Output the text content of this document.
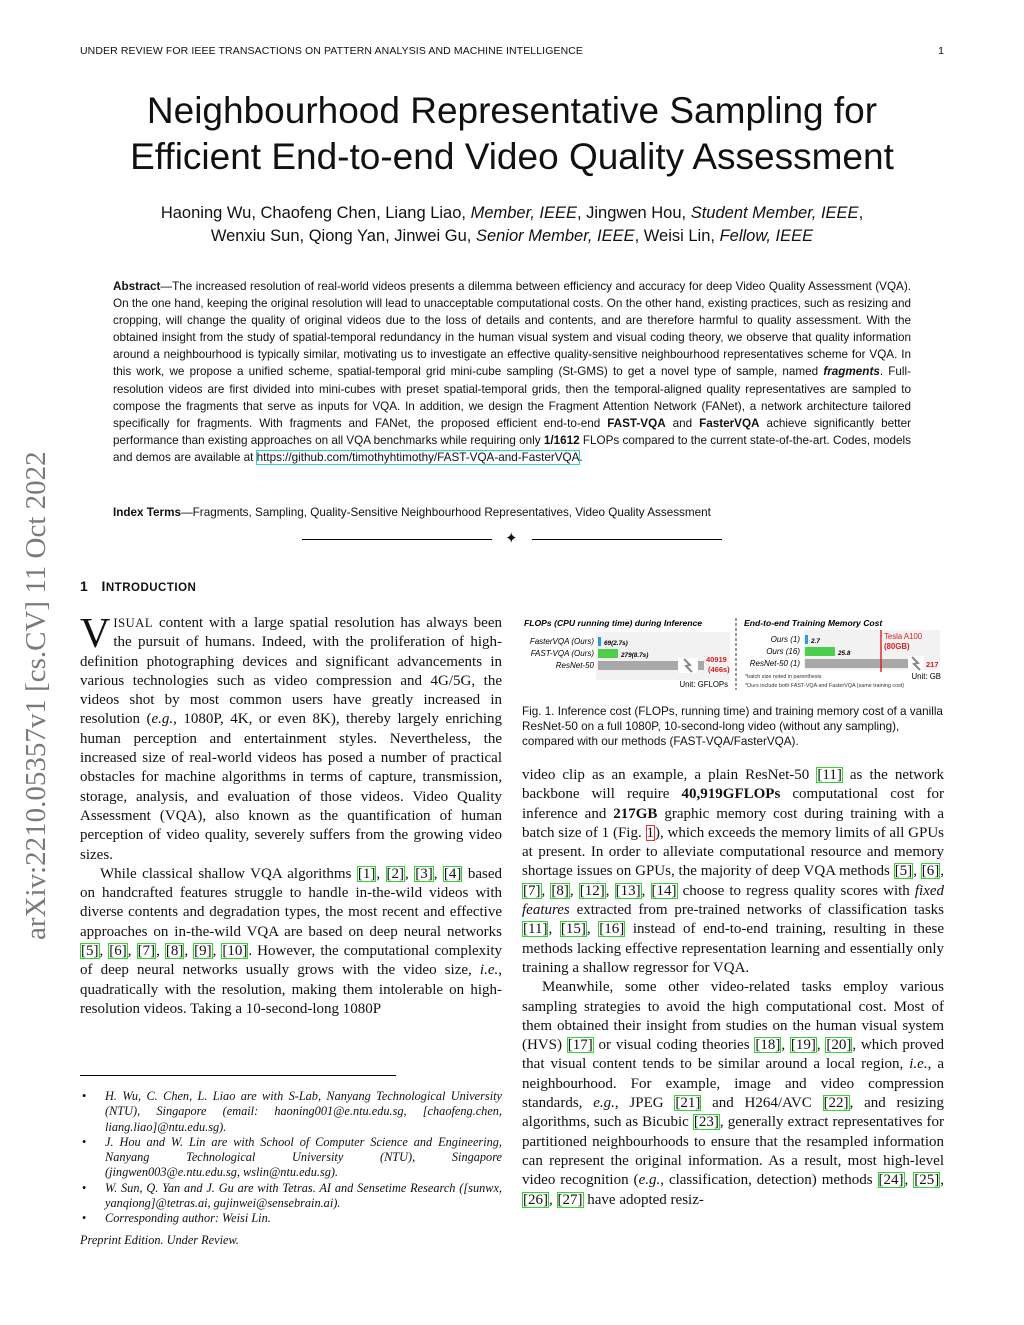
UNDER REVIEW FOR IEEE TRANSACTIONS ON PATTERN ANALYSIS AND MACHINE INTELLIGENCE	1
arXiv:2210.05357v1 [cs.CV] 11 Oct 2022
Neighbourhood Representative Sampling for
Efficient End-to-end Video Quality Assessment
Haoning Wu, Chaofeng Chen, Liang Liao, Member, IEEE, Jingwen Hou, Student Member, IEEE,
Wenxiu Sun, Qiong Yan, Jinwei Gu, Senior Member, IEEE, Weisi Lin, Fellow, IEEE
Abstract—The increased resolution of real-world videos presents a dilemma between efficiency and accuracy for deep Video Quality Assessment (VQA). On the one hand, keeping the original resolution will lead to unacceptable computational costs. On the other hand, existing practices, such as resizing and cropping, will change the quality of original videos due to the loss of details and contents, and are therefore harmful to quality assessment. With the obtained insight from the study of spatial-temporal redundancy in the human visual system and visual coding theory, we observe that quality information around a neighbourhood is typically similar, motivating us to investigate an effective quality-sensitive neighbourhood representatives scheme for VQA. In this work, we propose a unified scheme, spatial-temporal grid mini-cube sampling (St-GMS) to get a novel type of sample, named fragments. Full-resolution videos are first divided into mini-cubes with preset spatial-temporal grids, then the temporal-aligned quality representatives are sampled to compose the fragments that serve as inputs for VQA. In addition, we design the Fragment Attention Network (FANet), a network architecture tailored specifically for fragments. With fragments and FANet, the proposed efficient end-to-end FAST-VQA and FasterVQA achieve significantly better performance than existing approaches on all VQA benchmarks while requiring only 1/1612 FLOPs compared to the current state-of-the-art. Codes, models and demos are available at https://github.com/timothyhtimothy/FAST-VQA-and-FasterVQA.
Index Terms—Fragments, Sampling, Quality-Sensitive Neighbourhood Representatives, Video Quality Assessment
✦
1 INTRODUCTION

VISUAL content with a large spatial resolution has always been the pursuit of humans. Indeed, with the proliferation of high-definition photographing devices and significant advancements in various technologies such as video compression and 4G/5G, the videos shot by most common users have greatly increased in resolution (e.g., 1080P, 4K, or even 8K), thereby largely enriching human perception and entertainment styles. Nevertheless, the increased size of real-world videos has posed a number of practical obstacles for machine algorithms in terms of capture, transmission, storage, analysis, and evaluation of those videos. Video Quality Assessment (VQA), also known as the quantification of human perception of video quality, severely suffers from the growing video sizes.

While classical shallow VQA algorithms [1], [2], [3], [4] based on handcrafted features struggle to handle in-the-wild videos with diverse contents and degradation types, the most recent and effective approaches on in-the-wild VQA are based on deep neural networks [5], [6], [7], [8], [9], [10]. However, the computational complexity of deep neural networks usually grows with the video size, i.e., quadratically with the resolution, making them intolerable on high-resolution videos. Taking a 10-second-long 1080P

• H. Wu, C. Chen, L. Liao are with S-Lab, Nanyang Technological University (NTU), Singapore (email: haoning001@e.ntu.edu.sg, [chaofeng.chen, liang.liao]@ntu.edu.sg).
• J. Hou and W. Lin are with School of Computer Science and Engineering, Nanyang Technological University (NTU), Singapore (jingwen003@e.ntu.edu.sg, wslin@ntu.edu.sg).
• W. Sun, Q. Yan and J. Gu are with Tetras. AI and Sensetime Research ([sunwx, yanqiong]@tetras.ai, gujinwei@sensebrain.ai).
• Corresponding author: Weisi Lin.
Preprint Edition. Under Review.
FLOPs (CPU running time) during Inference	End-to-end Training Memory Cost
FasterVQA (Ours)
FAST-VQA (Ours)
ResNet-50
69(2.7s)
279(8.7s)	40919
(466s)
Unit: GFLOPs
Ours (1)
Ours (16)
ResNet-50 (1)
2.7
25.8
217
Tesla A100
(80GB)
*batch size noted in parenthesis
*Ours include both FAST-VQA and FasterVQA (same training cost)
Unit: GB
Fig. 1. Inference cost (FLOPs, running time) and training memory cost of a vanilla ResNet-50 on a full 1080P, 10-second-long video (without any sampling), compared with our methods (FAST-VQA/FasterVQA).

video clip as an example, a plain ResNet-50 [11] as the network backbone will require 40,919GFLOPs computational cost for inference and 217GB graphic memory cost during training with a batch size of 1 (Fig. 1), which exceeds the memory limits of all GPUs at present. In order to alleviate computational resource and memory shortage issues on GPUs, the majority of deep VQA methods [5], [6], [7], [8], [12], [13], [14] choose to regress quality scores with fixed features extracted from pre-trained networks of classification tasks [11], [15], [16] instead of end-to-end training, resulting in these methods lacking effective representation learning and essentially only training a shallow regressor for VQA.

Meanwhile, some other video-related tasks employ various sampling strategies to avoid the high computational cost. Most of them obtained their insight from studies on the human visual system (HVS) [17] or visual coding theories [18], [19], [20], which proved that visual content tends to be similar around a local region, i.e., a neighbourhood. For example, image and video compression standards, e.g., JPEG [21] and H264/AVC [22], and resizing algorithms, such as Bicubic [23], generally extract representatives for partitioned neighbourhoods to ensure that the resampled information can represent the original information. As a result, most high-level video recognition (e.g., classification, detection) methods [24], [25], [26], [27] have adopted resiz-
